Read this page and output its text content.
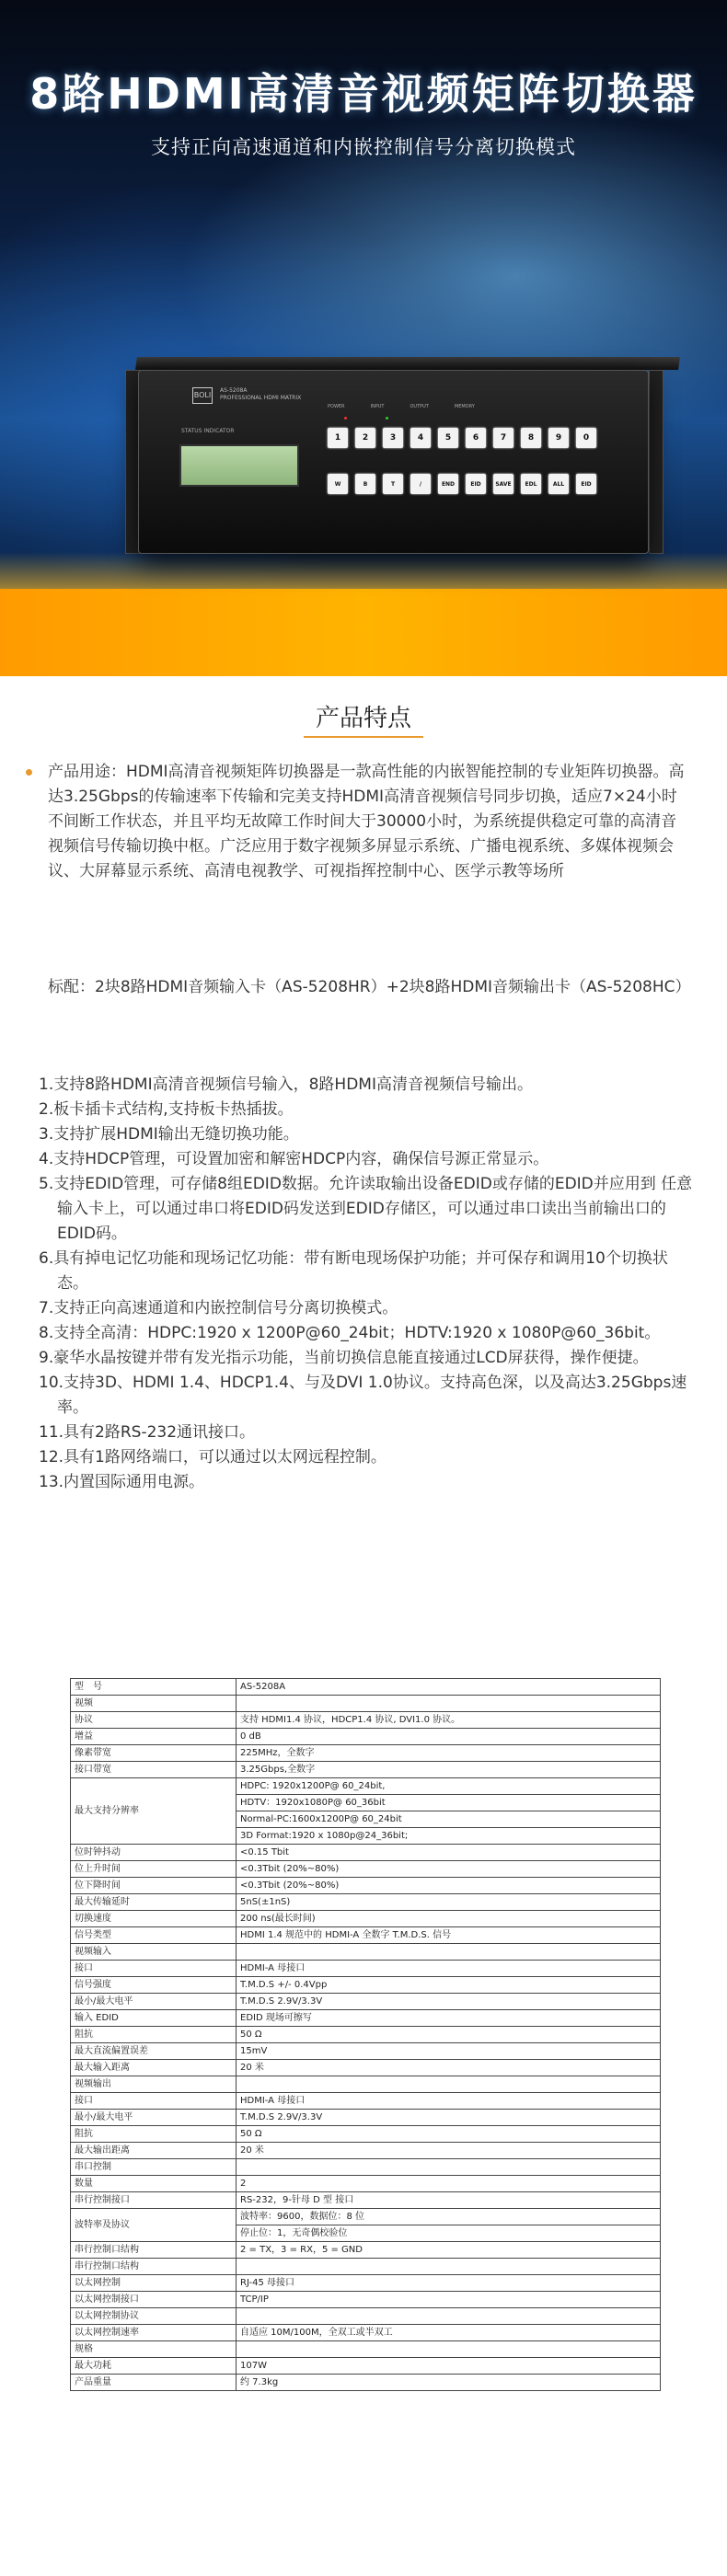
8路HDMI高清音视频矩阵切换器
支持正向高速通道和内嵌控制信号分离切换模式
BOLI
AS-5208A
PROFESSIONAL HDMI MATRIX
STATUS INDICATOR
POWER	INPUT	OUTPUT	MEMORY
1	2	3	4	5	6	7	8	9	0
W	B	T	/	END	EID	SAVE	EDL	ALL	EID
产品特点
产品用途：HDMI高清音视频矩阵切换器是一款高性能的内嵌智能控制的专业矩阵切换器。高达3.25Gbps的传输速率下传输和完美支持HDMI高清音视频信号同步切换，适应7×24小时不间断工作状态，并且平均无故障工作时间大于30000小时，为系统提供稳定可靠的高清音视频信号传输切换中枢。广泛应用于数字视频多屏显示系统、广播电视系统、多媒体视频会议、大屏幕显示系统、高清电视教学、可视指挥控制中心、医学示教等场所
标配：2块8路HDMI音频输入卡（AS-5208HR）+2块8路HDMI音频输出卡（AS-5208HC）
1.支持8路HDMI高清音视频信号输入，8路HDMI高清音视频信号输出。
2.板卡插卡式结构,支持板卡热插拔。
3.支持扩展HDMI输出无缝切换功能。
4.支持HDCP管理，可设置加密和解密HDCP内容，确保信号源正常显示。
5.支持EDID管理，可存储8组EDID数据。允许读取输出设备EDID或存储的EDID并应用到 任意输入卡上，可以通过串口将EDID码发送到EDID存储区，可以通过串口读出当前输出口的EDID码。
6.具有掉电记忆功能和现场记忆功能：带有断电现场保护功能；并可保存和调用10个切换状态。
7.支持正向高速通道和内嵌控制信号分离切换模式。
8.支持全高清：HDPC:1920 x 1200P@60_24bit；HDTV:1920 x 1080P@60_36bit。
9.豪华水晶按键并带有发光指示功能，当前切换信息能直接通过LCD屏获得，操作便捷。
10.支持3D、HDMI 1.4、HDCP1.4、与及DVI 1.0协议。支持高色深，以及高达3.25Gbps速率。
11.具有2路RS-232通讯接口。
12.具有1路网络端口，可以通过以太网远程控制。
13.内置国际通用电源。
型　号	AS-5208A
视频	
协议	支持 HDMI1.4 协议，HDCP1.4 协议, DVI1.0 协议。
增益	0 dB
像素带宽	225MHz，全数字
接口带宽	3.25Gbps,全数字
最大支持分辨率	HDPC: 1920x1200P@ 60_24bit,
	HDTV：1920x1080P@ 60_36bit
	Normal-PC:1600x1200P@ 60_24bit
	3D Format:1920 x 1080p@24_36bit;
位时钟抖动	<0.15 Tbit
位上升时间	<0.3Tbit (20%~80%)
位下降时间	<0.3Tbit (20%~80%)
最大传输延时	5nS(±1nS)
切换速度	200 ns(最长时间)
信号类型	HDMI 1.4 规范中的 HDMI-A 全数字 T.M.D.S. 信号
视频输入	
接口	HDMI-A 母接口
信号强度	T.M.D.S +/- 0.4Vpp
最小/最大电平	T.M.D.S 2.9V/3.3V
输入 EDID	EDID 现场可擦写
阻抗	50 Ω
最大直流偏置误差	15mV
最大输入距离	20 米
视频输出	
接口	HDMI-A 母接口
最小/最大电平	T.M.D.S 2.9V/3.3V
阻抗	50 Ω
最大输出距离	20 米
串口控制	
数量	2
串行控制接口	RS-232，9-针母 D 型 接口
波特率及协议	波特率：9600，数据位：8 位
	停止位：1，无奇偶校验位
串行控制口结构	2 = TX，3 = RX，5 = GND
串行控制口结构	
以太网控制	RJ-45 母接口
以太网控制接口	TCP/IP
以太网控制协议	
以太网控制速率	自适应 10M/100M，全双工或半双工
规格	
最大功耗	107W
产品重量	约 7.3kg
